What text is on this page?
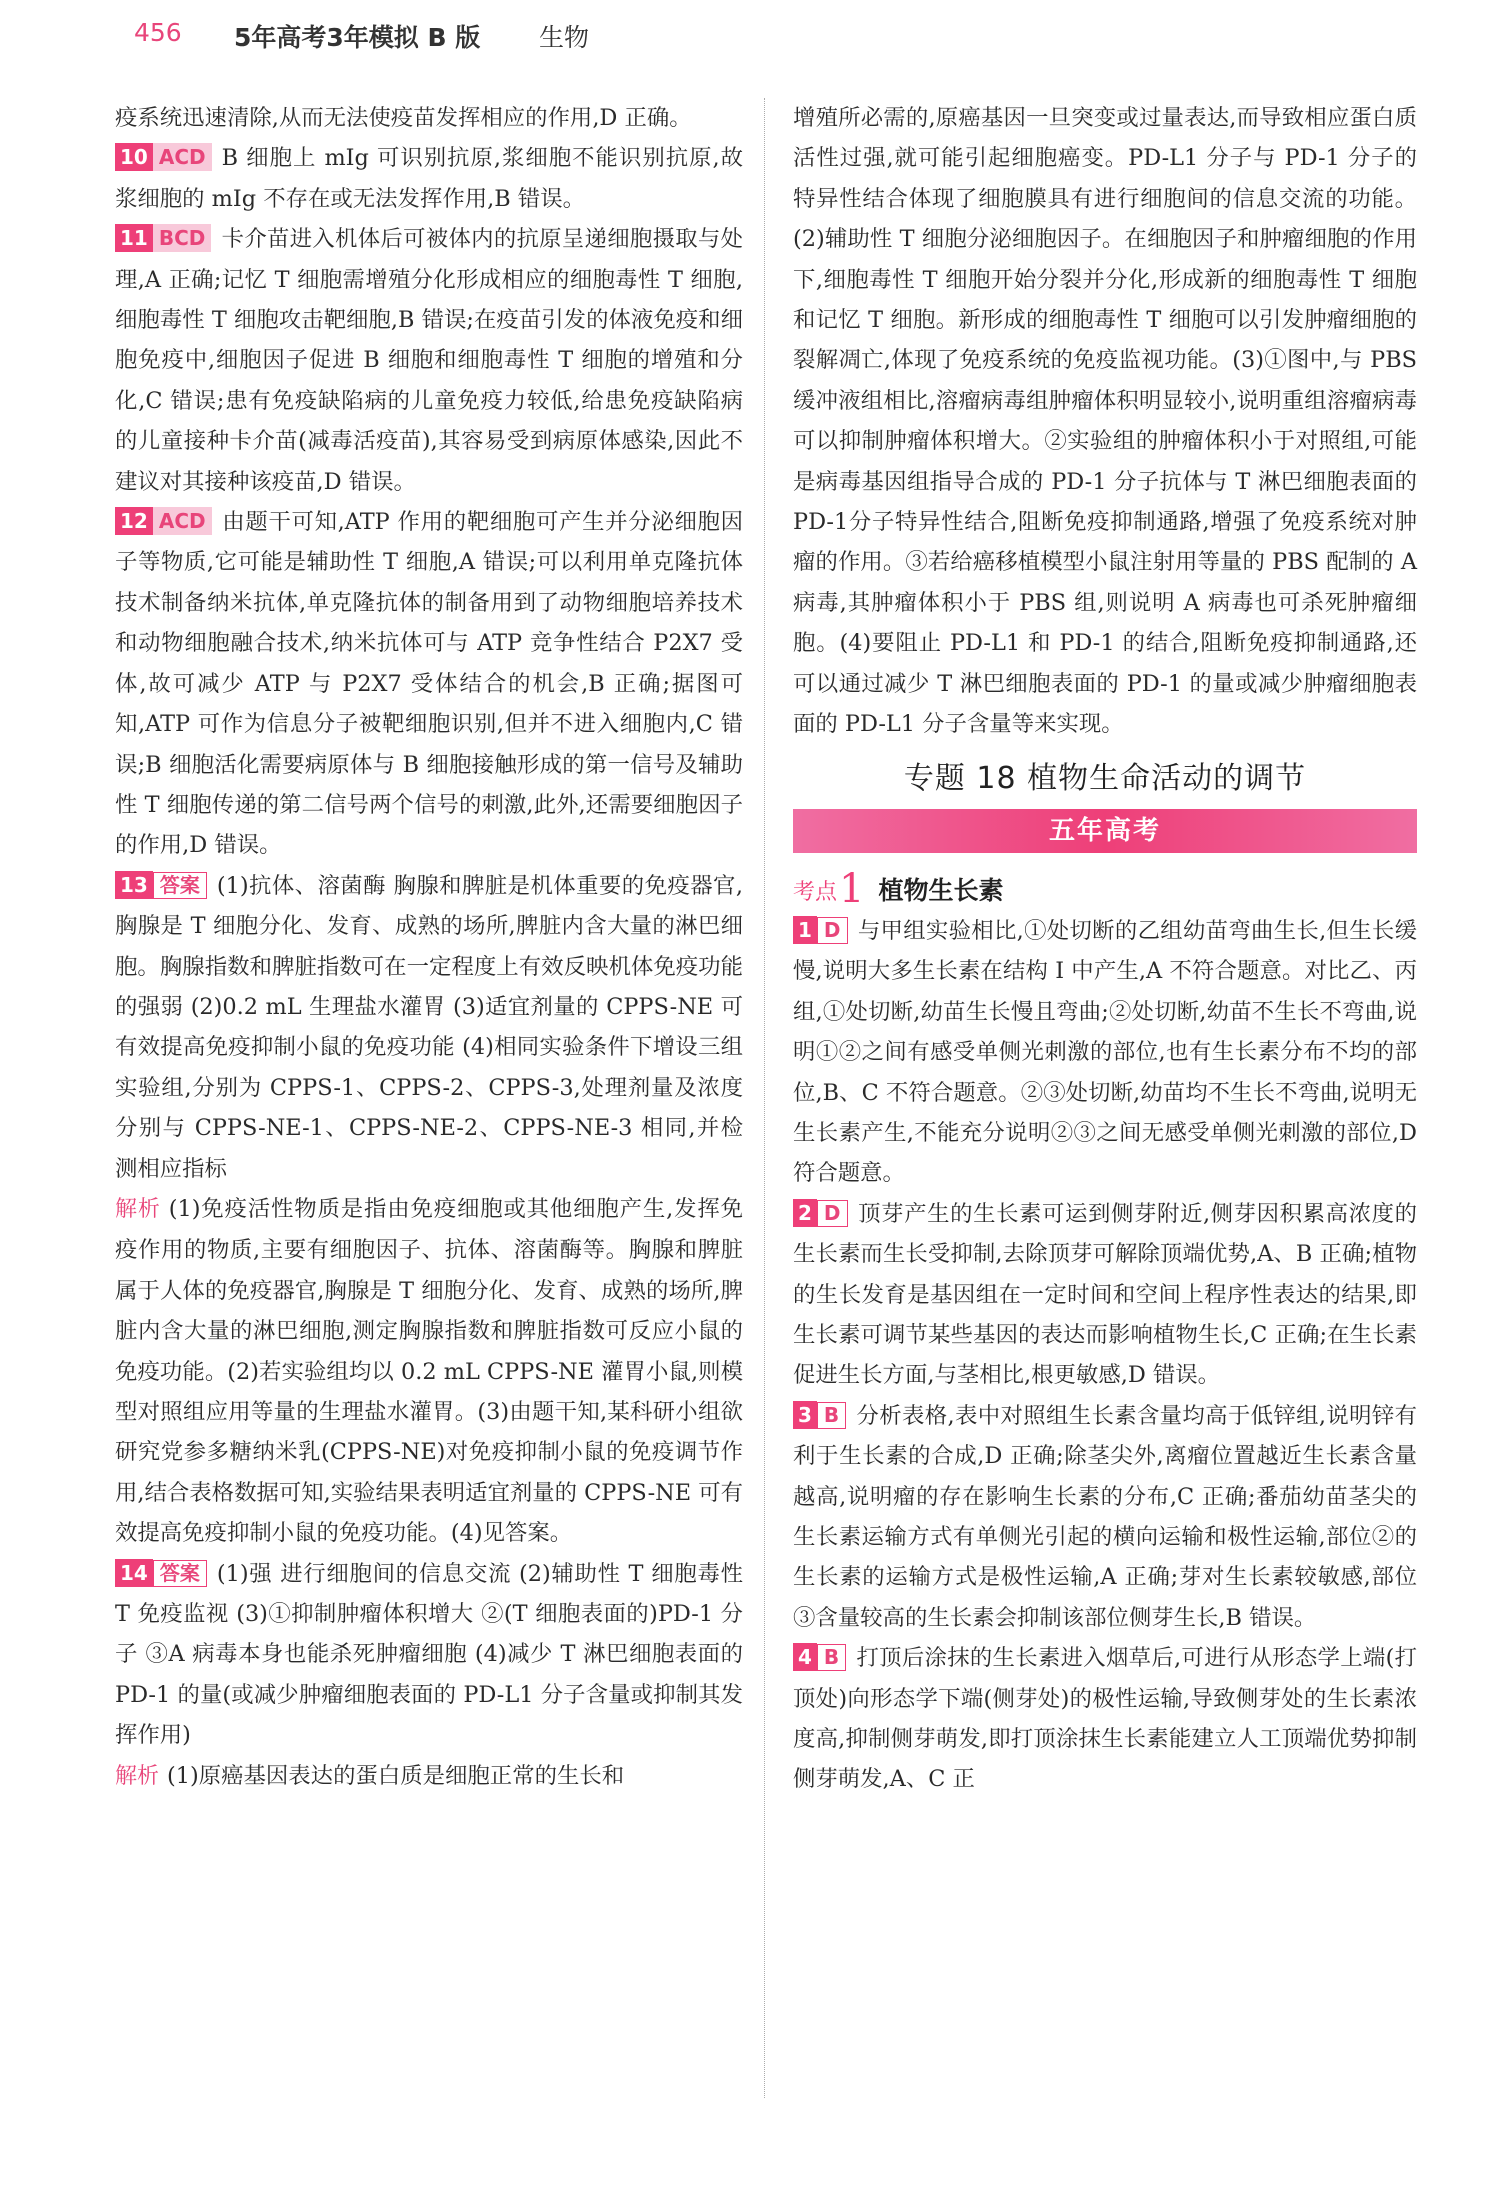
456 5年高考3年模拟 B 版 生物

疫系统迅速清除,从而无法使疫苗发挥相应的作用,D 正确。

10 ACD B 细胞上 mIg 可识别抗原,浆细胞不能识别抗原,故浆细胞的 mIg 不存在或无法发挥作用,B 错误。

11 BCD 卡介苗进入机体后可被体内的抗原呈递细胞摄取与处理,A 正确;记忆 T 细胞需增殖分化形成相应的细胞毒性 T 细胞,细胞毒性 T 细胞攻击靶细胞,B 错误;在疫苗引发的体液免疫和细胞免疫中,细胞因子促进 B 细胞和细胞毒性 T 细胞的增殖和分化,C 错误;患有免疫缺陷病的儿童免疫力较低,给患免疫缺陷病的儿童接种卡介苗(减毒活疫苗),其容易受到病原体感染,因此不建议对其接种该疫苗,D 错误。

12 ACD 由题干可知,ATP 作用的靶细胞可产生并分泌细胞因子等物质,它可能是辅助性 T 细胞,A 错误;可以利用单克隆抗体技术制备纳米抗体,单克隆抗体的制备用到了动物细胞培养技术和动物细胞融合技术,纳米抗体可与 ATP 竞争性结合 P2X7 受体,故可减少 ATP 与 P2X7 受体结合的机会,B 正确;据图可知,ATP 可作为信息分子被靶细胞识别,但并不进入细胞内,C 错误;B 细胞活化需要病原体与 B 细胞接触形成的第一信号及辅助性 T 细胞传递的第二信号两个信号的刺激,此外,还需要细胞因子的作用,D 错误。

13 答案 (1)抗体、溶菌酶 胸腺和脾脏是机体重要的免疫器官,胸腺是 T 细胞分化、发育、成熟的场所,脾脏内含大量的淋巴细胞。胸腺指数和脾脏指数可在一定程度上有效反映机体免疫功能的强弱 (2)0.2 mL 生理盐水灌胃 (3)适宜剂量的 CPPS-NE 可有效提高免疫抑制小鼠的免疫功能 (4)相同实验条件下增设三组实验组,分别为 CPPS-1、CPPS-2、CPPS-3,处理剂量及浓度分别与 CPPS-NE-1、CPPS-NE-2、CPPS-NE-3 相同,并检测相应指标

解析 (1)免疫活性物质是指由免疫细胞或其他细胞产生,发挥免疫作用的物质,主要有细胞因子、抗体、溶菌酶等。胸腺和脾脏属于人体的免疫器官,胸腺是 T 细胞分化、发育、成熟的场所,脾脏内含大量的淋巴细胞,测定胸腺指数和脾脏指数可反应小鼠的免疫功能。(2)若实验组均以 0.2 mL CPPS-NE 灌胃小鼠,则模型对照组应用等量的生理盐水灌胃。(3)由题干知,某科研小组欲研究党参多糖纳米乳(CPPS-NE)对免疫抑制小鼠的免疫调节作用,结合表格数据可知,实验结果表明适宜剂量的 CPPS-NE 可有效提高免疫抑制小鼠的免疫功能。(4)见答案。

14 答案 (1)强 进行细胞间的信息交流 (2)辅助性 T 细胞毒性 T 免疫监视 (3)①抑制肿瘤体积增大 ②(T 细胞表面的)PD-1 分子 ③A 病毒本身也能杀死肿瘤细胞 (4)减少 T 淋巴细胞表面的 PD-1 的量(或减少肿瘤细胞表面的 PD-L1 分子含量或抑制其发挥作用)

解析 (1)原癌基因表达的蛋白质是细胞正常的生长和

增殖所必需的,原癌基因一旦突变或过量表达,而导致相应蛋白质活性过强,就可能引起细胞癌变。PD-L1 分子与 PD-1 分子的特异性结合体现了细胞膜具有进行细胞间的信息交流的功能。(2)辅助性 T 细胞分泌细胞因子。在细胞因子和肿瘤细胞的作用下,细胞毒性 T 细胞开始分裂并分化,形成新的细胞毒性 T 细胞和记忆 T 细胞。新形成的细胞毒性 T 细胞可以引发肿瘤细胞的裂解凋亡,体现了免疫系统的免疫监视功能。(3)①图中,与 PBS 缓冲液组相比,溶瘤病毒组肿瘤体积明显较小,说明重组溶瘤病毒可以抑制肿瘤体积增大。②实验组的肿瘤体积小于对照组,可能是病毒基因组指导合成的 PD-1 分子抗体与 T 淋巴细胞表面的 PD-1分子特异性结合,阻断免疫抑制通路,增强了免疫系统对肿瘤的作用。③若给癌移植模型小鼠注射用等量的 PBS 配制的 A 病毒,其肿瘤体积小于 PBS 组,则说明 A 病毒也可杀死肿瘤细胞。(4)要阻止 PD-L1 和 PD-1 的结合,阻断免疫抑制通路,还可以通过减少 T 淋巴细胞表面的 PD-1 的量或减少肿瘤细胞表面的 PD-L1 分子含量等来实现。

专题 18 植物生命活动的调节
五年高考
考点1 植物生长素

1 D 与甲组实验相比,①处切断的乙组幼苗弯曲生长,但生长缓慢,说明大多生长素在结构 I 中产生,A 不符合题意。对比乙、丙组,①处切断,幼苗生长慢且弯曲;②处切断,幼苗不生长不弯曲,说明①②之间有感受单侧光刺激的部位,也有生长素分布不均的部位,B、C 不符合题意。②③处切断,幼苗均不生长不弯曲,说明无生长素产生,不能充分说明②③之间无感受单侧光刺激的部位,D 符合题意。

2 D 顶芽产生的生长素可运到侧芽附近,侧芽因积累高浓度的生长素而生长受抑制,去除顶芽可解除顶端优势,A、B 正确;植物的生长发育是基因组在一定时间和空间上程序性表达的结果,即生长素可调节某些基因的表达而影响植物生长,C 正确;在生长素促进生长方面,与茎相比,根更敏感,D 错误。

3 B 分析表格,表中对照组生长素含量均高于低锌组,说明锌有利于生长素的合成,D 正确;除茎尖外,离瘤位置越近生长素含量越高,说明瘤的存在影响生长素的分布,C 正确;番茄幼苗茎尖的生长素运输方式有单侧光引起的横向运输和极性运输,部位②的生长素的运输方式是极性运输,A 正确;芽对生长素较敏感,部位③含量较高的生长素会抑制该部位侧芽生长,B 错误。

4 B 打顶后涂抹的生长素进入烟草后,可进行从形态学上端(打顶处)向形态学下端(侧芽处)的极性运输,导致侧芽处的生长素浓度高,抑制侧芽萌发,即打顶涂抹生长素能建立人工顶端优势抑制侧芽萌发,A、C 正
